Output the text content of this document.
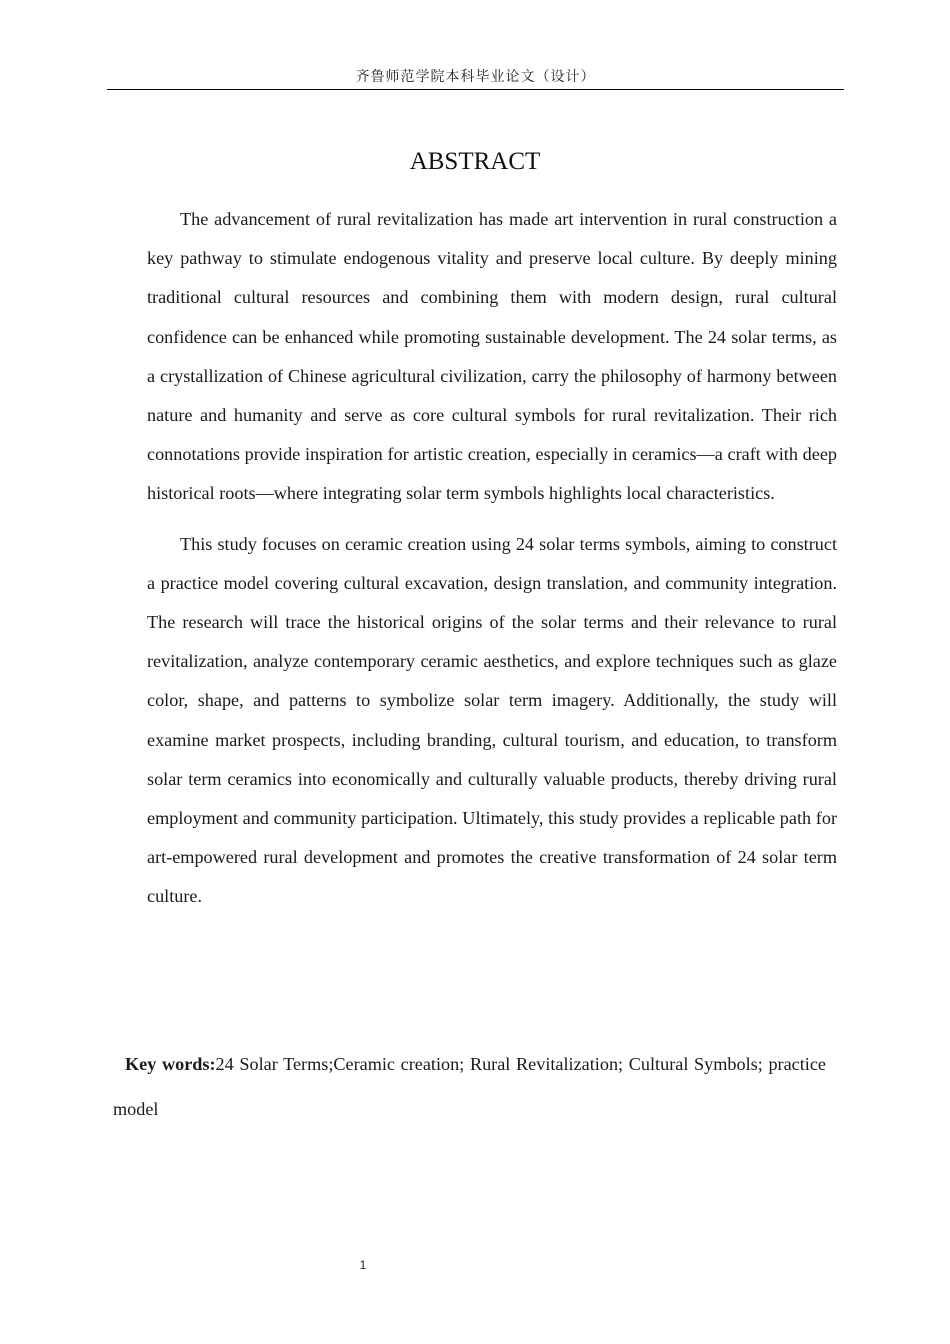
齐鲁师范学院本科毕业论文（设计）
ABSTRACT

The advancement of rural revitalization has made art intervention in rural construction a key pathway to stimulate endogenous vitality and preserve local culture. By deeply mining traditional cultural resources and combining them with modern design, rural cultural confidence can be enhanced while promoting sustainable development. The 24 solar terms, as a crystallization of Chinese agricultural civilization, carry the philosophy of harmony between nature and humanity and serve as core cultural symbols for rural revitalization. Their rich connotations provide inspiration for artistic creation, especially in ceramics—a craft with deep historical roots—where integrating solar term symbols highlights local characteristics.

This study focuses on ceramic creation using 24 solar terms symbols, aiming to construct a practice model covering cultural excavation, design translation, and community integration. The research will trace the historical origins of the solar terms and their relevance to rural revitalization, analyze contemporary ceramic aesthetics, and explore techniques such as glaze color, shape, and patterns to symbolize solar term imagery. Additionally, the study will examine market prospects, including branding, cultural tourism, and education, to transform solar term ceramics into economically and culturally valuable products, thereby driving rural employment and community participation. Ultimately, this study provides a replicable path for art-empowered rural development and promotes the creative transformation of 24 solar term culture.

Key words:24 Solar Terms;Ceramic creation; Rural Revitalization; Cultural Symbols; practice model
1
